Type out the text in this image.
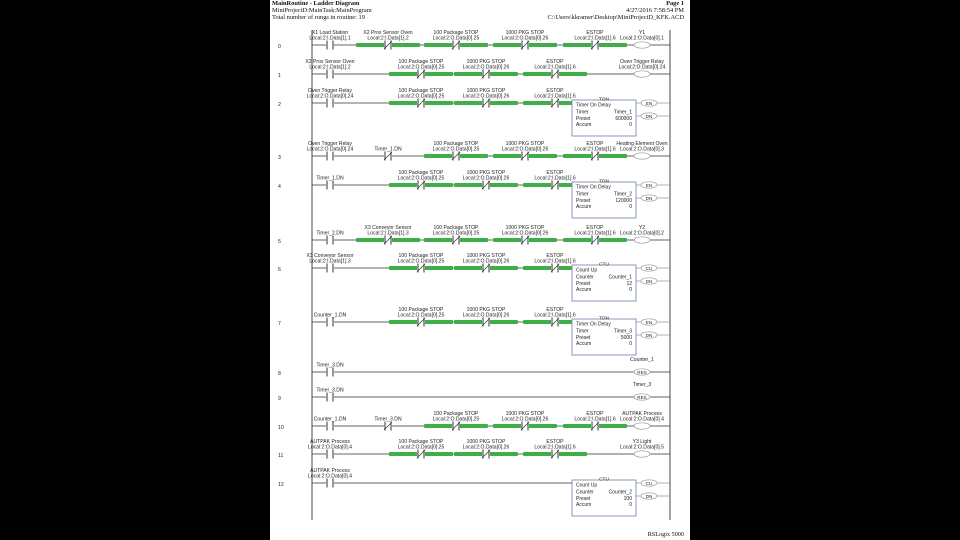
MainRoutine - Ladder Diagram
MiniProjectD:MainTask:MainProgram
Total number of rungs in routine: 19
Page 1
4/27/2016 7:58:54 PM
C:\Users\kkramer\Desktop\MiniProjectD_KFK.ACD
0
X1 Load Station
Local:2:I.Data[1].1
X2 Prox Sensor Oven
Local:2:I.Data[1].2
100 Package STOP
Local:2:O.Data[0].25
1000 PKG STOP
Local:2:O.Data[0].26
ESTOP
Local:2:I.Data[1].6
Y1
Local:2:O.Data[0].1
1
X2 Prox Sensor Oven
Local:2:I.Data[1].2
100 Package STOP
Local:2:O.Data[0].25
1000 PKG STOP
Local:2:O.Data[0].26
ESTOP
Local:2:I.Data[1].6
Oven Trigger Relay
Local:2:O.Data[0].24
2
Oven Trigger Relay
Local:2:O.Data[0].24
100 Package STOP
Local:2:O.Data[0].25
1000 PKG STOP
Local:2:O.Data[0].26
ESTOP
Local:2:I.Data[1].6
TON
Timer On Delay
Timer	Timer_1
Preset	600000
Accum	0
EN
DN
3
Oven Trigger Relay
Local:2:O.Data[0].24	Timer_1.DN
100 Package STOP
Local:2:O.Data[0].25
1000 PKG STOP
Local:2:O.Data[0].26
ESTOP
Local:2:I.Data[1].6
Heating Element Oven
Local:2:O.Data[0].3
4
Timer_1.DN
100 Package STOP
Local:2:O.Data[0].25
1000 PKG STOP
Local:2:O.Data[0].26
ESTOP
Local:2:I.Data[1].6
TON
Timer On Delay
Timer	Timer_2
Preset	120000
Accum	0
EN
DN
5
Timer_2.DN
X3 Conveyor Sensor
Local:2:I.Data[1].3
100 Package STOP
Local:2:O.Data[0].25
1000 PKG STOP
Local:2:O.Data[0].26
ESTOP
Local:2:I.Data[1].6
Y2
Local:2:O.Data[0].2
6
X3 Conveyor Sensor
Local:2:I.Data[1].3
100 Package STOP
Local:2:O.Data[0].25
1000 PKG STOP
Local:2:O.Data[0].26
ESTOP
Local:2:I.Data[1].6
CTU
Count Up
Counter	Counter_1
Preset	12
Accum	0
CU
DN
7
Counter_1.DN
100 Package STOP
Local:2:O.Data[0].25
1000 PKG STOP
Local:2:O.Data[0].26
ESTOP
Local:2:I.Data[1].6
TON
Timer On Delay
Timer	Timer_3
Preset	5000
Accum	0
EN
DN
8
Timer_3.DN
RES
Counter_1
9
Timer_3.DN
RES
Timer_3
10
Counter_1.DN	Timer_3.DN
100 Package STOP
Local:2:O.Data[0].25
1000 PKG STOP
Local:2:O.Data[0].26
ESTOP
Local:2:I.Data[1].6
AUTPAK Process
Local:2:O.Data[0].4
11
AUTPAK Process
Local:2:O.Data[0].4
100 Package STOP
Local:2:O.Data[0].25
1000 PKG STOP
Local:2:O.Data[0].26
ESTOP
Local:2:I.Data[1].6
Y3 Light
Local:2:O.Data[0].5
12
AUTPAK Process
Local:2:O.Data[0].4
CTU
Count Up
Counter	Counter_2
Preset	100
Accum	0
CU
DN
RSLogix 5000
